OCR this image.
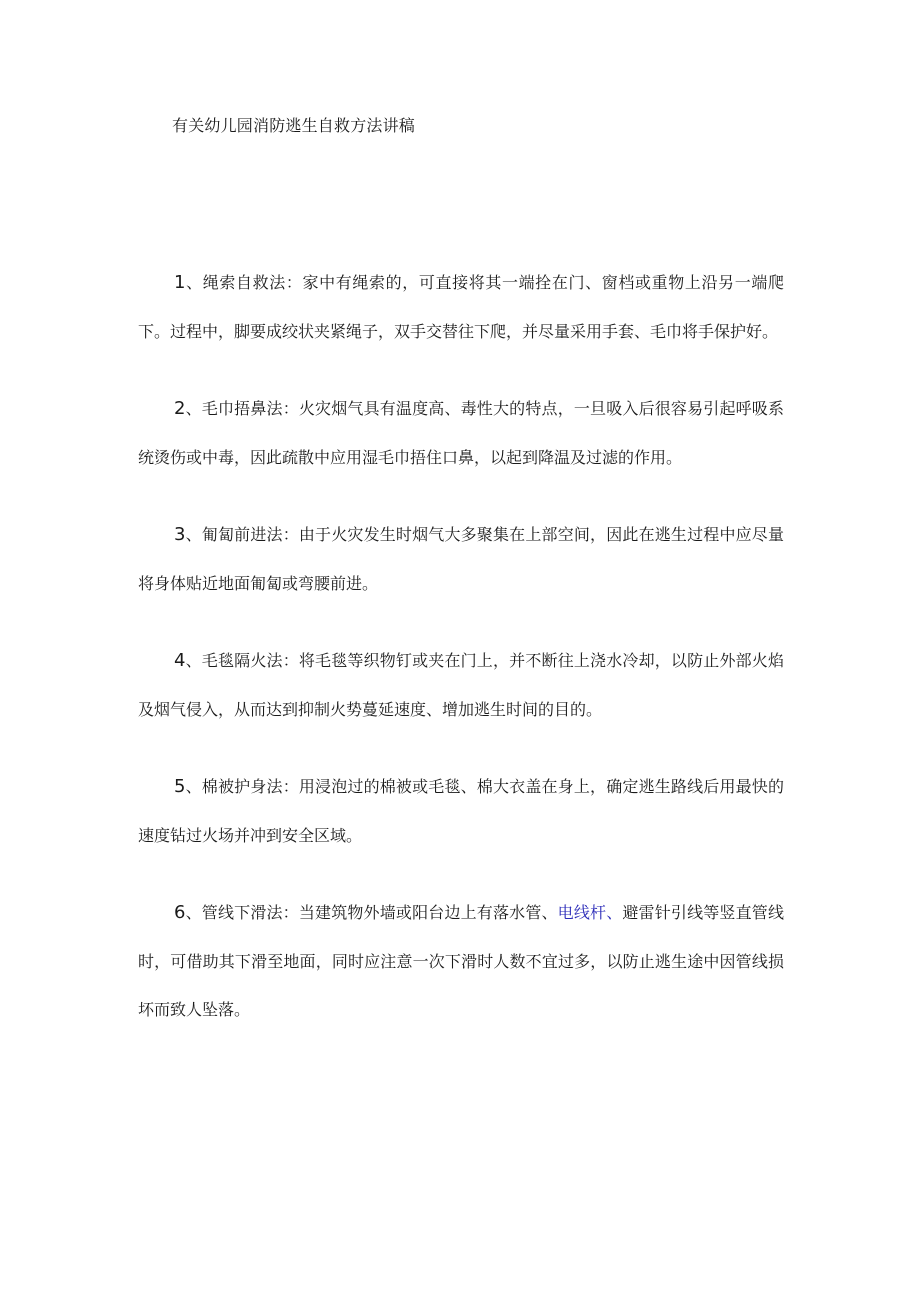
有关幼儿园消防逃生自救方法讲稿

1、绳索自救法：家中有绳索的，可直接将其一端拴在门、窗档或重物上沿另一端爬下。过程中，脚要成绞状夹紧绳子，双手交替往下爬，并尽量采用手套、毛巾将手保护好。

2、毛巾捂鼻法：火灾烟气具有温度高、毒性大的特点，一旦吸入后很容易引起呼吸系统烫伤或中毒，因此疏散中应用湿毛巾捂住口鼻，以起到降温及过滤的作用。

3、匍匐前进法：由于火灾发生时烟气大多聚集在上部空间，因此在逃生过程中应尽量将身体贴近地面匍匐或弯腰前进。

4、毛毯隔火法：将毛毯等织物钉或夹在门上，并不断往上浇水冷却，以防止外部火焰及烟气侵入，从而达到抑制火势蔓延速度、增加逃生时间的目的。

5、棉被护身法：用浸泡过的棉被或毛毯、棉大衣盖在身上，确定逃生路线后用最快的速度钻过火场并冲到安全区域。

6、管线下滑法：当建筑物外墙或阳台边上有落水管、电线杆、避雷针引线等竖直管线时，可借助其下滑至地面，同时应注意一次下滑时人数不宜过多，以防止逃生途中因管线损坏而致人坠落。
